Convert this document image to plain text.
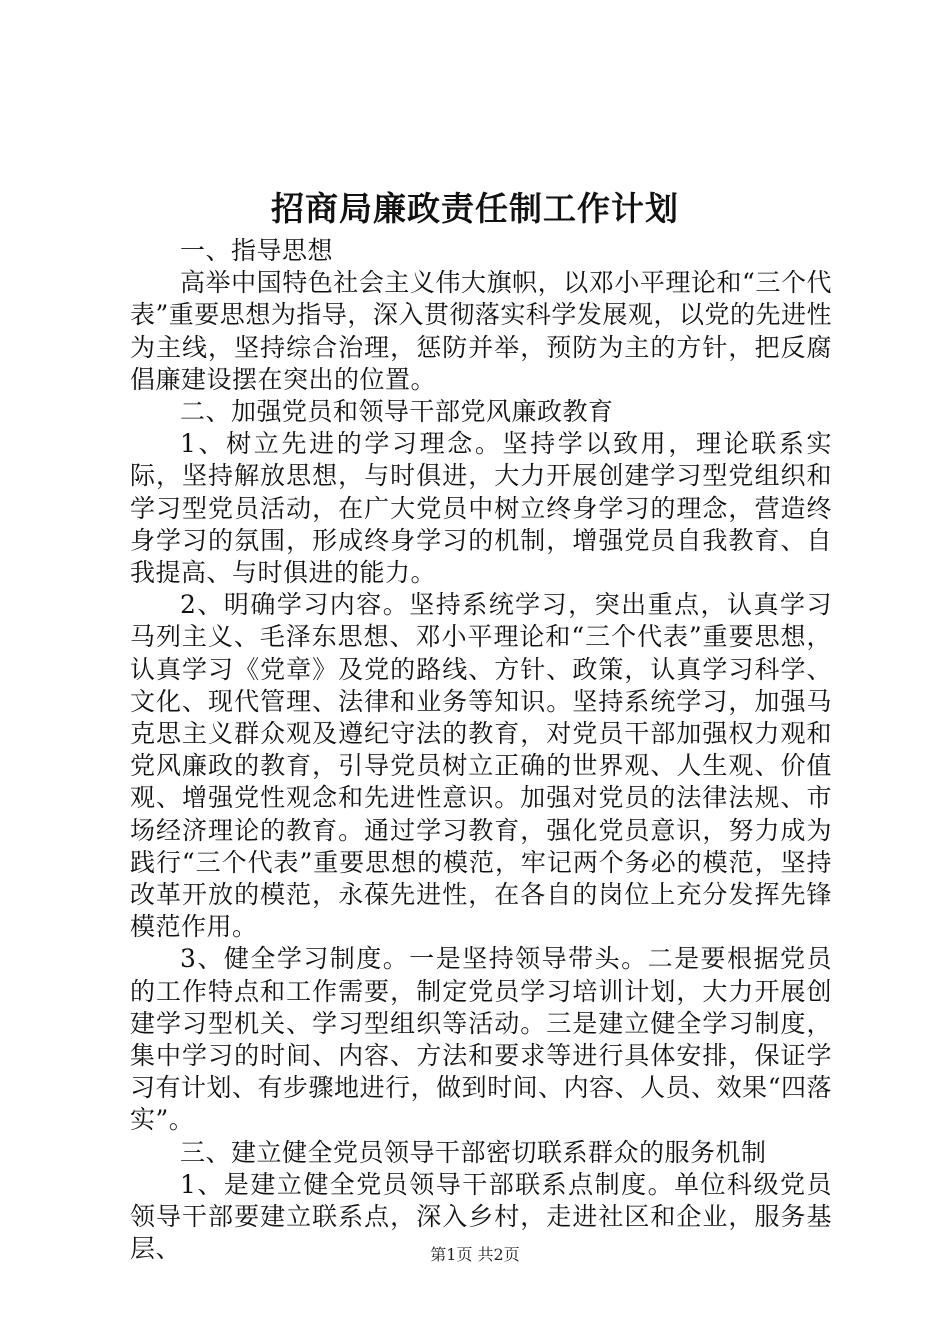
招商局廉政责任制工作计划

一、指导思想

高举中国特色社会主义伟大旗帜，以邓小平理论和“三个代表”重要思想为指导，深入贯彻落实科学发展观，以党的先进性为主线，坚持综合治理，惩防并举，预防为主的方针，把反腐倡廉建设摆在突出的位置。

二、加强党员和领导干部党风廉政教育

1、树立先进的学习理念。坚持学以致用，理论联系实际，坚持解放思想，与时俱进，大力开展创建学习型党组织和学习型党员活动，在广大党员中树立终身学习的理念，营造终身学习的氛围，形成终身学习的机制，增强党员自我教育、自我提高、与时俱进的能力。

2、明确学习内容。坚持系统学习，突出重点，认真学习马列主义、毛泽东思想、邓小平理论和“三个代表”重要思想，认真学习《党章》及党的路线、方针、政策，认真学习科学、文化、现代管理、法律和业务等知识。坚持系统学习，加强马克思主义群众观及遵纪守法的教育，对党员干部加强权力观和党风廉政的教育，引导党员树立正确的世界观、人生观、价值观、增强党性观念和先进性意识。加强对党员的法律法规、市场经济理论的教育。通过学习教育，强化党员意识，努力成为践行“三个代表”重要思想的模范，牢记两个务必的模范，坚持改革开放的模范，永葆先进性，在各自的岗位上充分发挥先锋模范作用。

3、健全学习制度。一是坚持领导带头。二是要根据党员的工作特点和工作需要，制定党员学习培训计划，大力开展创建学习型机关、学习型组织等活动。三是建立健全学习制度，集中学习的时间、内容、方法和要求等进行具体安排，保证学习有计划、有步骤地进行，做到时间、内容、人员、效果“四落实”。

三、建立健全党员领导干部密切联系群众的服务机制

1、是建立健全党员领导干部联系点制度。单位科级党员领导干部要建立联系点，深入乡村，走进社区和企业，服务基层、	第1页 共2页
